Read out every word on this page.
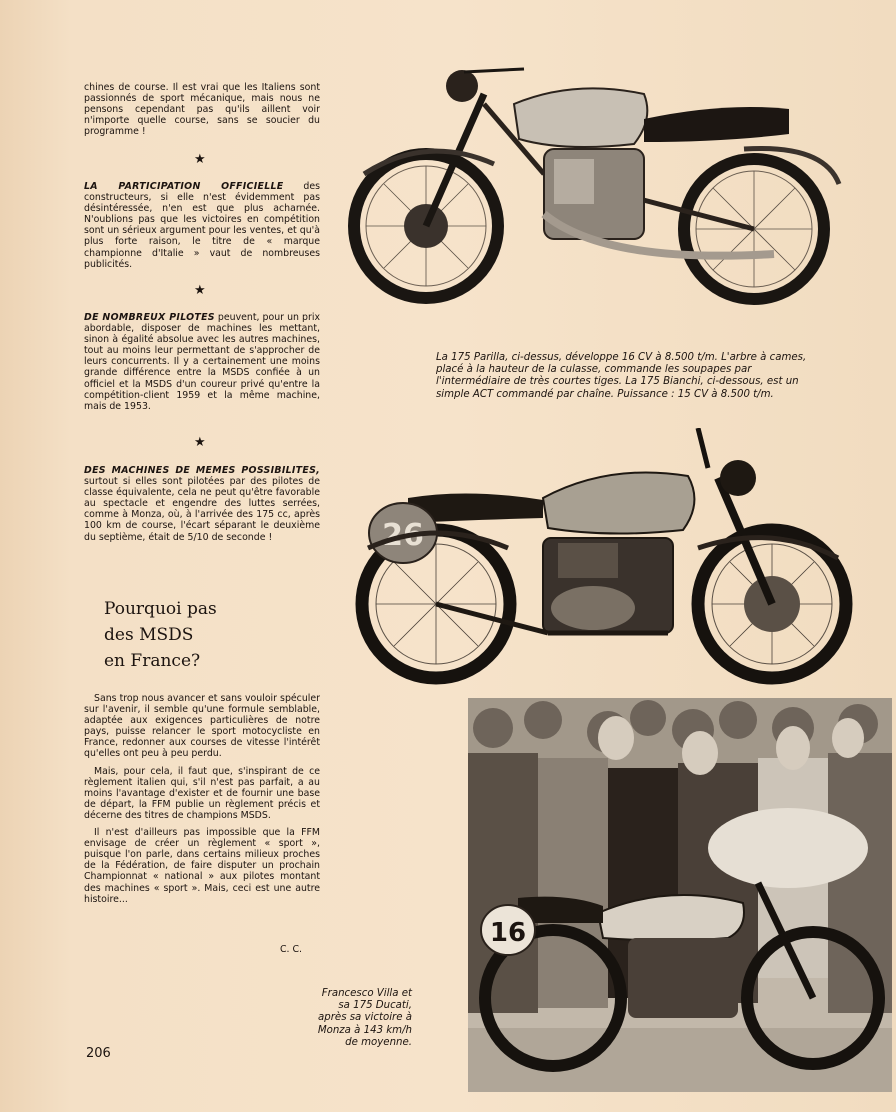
chines de course. Il est vrai que les Italiens sont passionnés de sport mécanique, mais nous ne pensons cependant pas qu'ils aillent voir n'importe quelle course, sans se soucier du programme !

★

LA PARTICIPATION OFFICIELLE des constructeurs, si elle n'est évidemment pas désintéressée, n'en est que plus acharnée. N'oublions pas que les victoires en compétition sont un sérieux argument pour les ventes, et qu'à plus forte raison, le titre de « marque championne d'Italie » vaut de nombreuses publicités.

★

DE NOMBREUX PILOTES peuvent, pour un prix abordable, disposer de machines les mettant, sinon à égalité absolue avec les autres machines, tout au moins leur permettant de s'approcher de leurs concurrents. Il y a certainement une moins grande différence entre la MSDS confiée à un officiel et la MSDS d'un coureur privé qu'entre la compétition-client 1959 et la même machine, mais de 1953.

★

DES MACHINES DE MEMES POSSIBILITES, surtout si elles sont pilotées par des pilotes de classe équivalente, cela ne peut qu'être favorable au spectacle et engendre des luttes serrées, comme à Monza, où, à l'arrivée des 175 cc, après 100 km de course, l'écart séparant le deuxième du septième, était de 5/10 de seconde !

Pourquoi pas
des MSDS
en France?

Sans trop nous avancer et sans vouloir spéculer sur l'avenir, il semble qu'une formule semblable, adaptée aux exigences particulières de notre pays, puisse relancer le sport motocycliste en France, redonner aux courses de vitesse l'intérêt qu'elles ont peu à peu perdu.

Mais, pour cela, il faut que, s'inspirant de ce règlement italien qui, s'il n'est pas parfait, a au moins l'avantage d'exister et de fournir une base de départ, la FFM publie un règlement précis et décerne des titres de champions MSDS.

Il n'est d'ailleurs pas impossible que la FFM envisage de créer un règlement « sport », puisque l'on parle, dans certains milieux proches de la Fédération, de faire disputer un prochain Championnat « national » aux pilotes montant des machines « sport ». Mais, ceci est une autre histoire...

C. C.
206
La 175 Parilla, ci-dessus, développe 16 CV à 8.500 t/m. L'arbre à cames, placé à la hauteur de la culasse, commande les soupapes par l'intermédiaire de très courtes tiges. La 175 Bianchi, ci-dessous, est un simple ACT commandé par chaîne. Puissance : 15 CV à 8.500 t/m.
26
16
Francesco Villa et sa 175 Ducati, après sa victoire à Monza à 143 km/h de moyenne.
